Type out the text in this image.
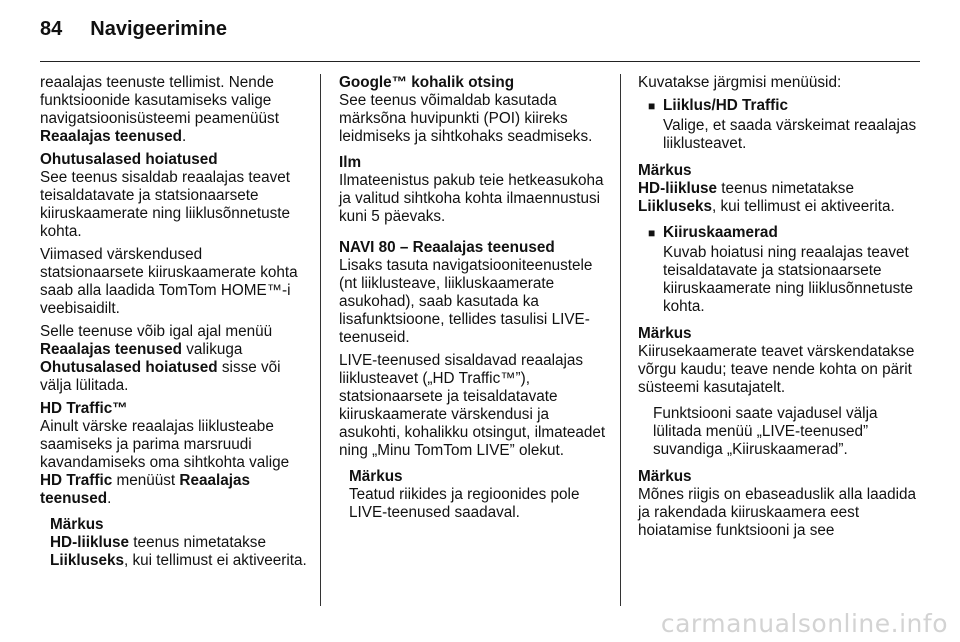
84 Navigeerimine

reaalajas teenuste tellimist. Nende funktsioonide kasutamiseks valige navigatsioonisüsteemi peamenüüst Reaalajas teenused.

Ohutusalased hoiatused

See teenus sisaldab reaalajas teavet teisaldatavate ja statsionaarsete kiiruskaamerate ning liiklusõnnetuste kohta.

Viimased värskendused statsionaarsete kiiruskaamerate kohta saab alla laadida TomTom HOME™-i veebisaidilt.

Selle teenuse võib igal ajal menüü Reaalajas teenused valikuga Ohutusalased hoiatused sisse või välja lülitada.

HD Traffic™

Ainult värske reaalajas liiklusteabe saamiseks ja parima marsruudi kavandamiseks oma sihtkohta valige HD Traffic menüüst Reaalajas teenused.

Märkus

HD-liikluse teenus nimetatakse Liikluseks, kui tellimust ei aktiveerita.

Google™ kohalik otsing

See teenus võimaldab kasutada märksõna huvipunkti (POI) kiireks leidmiseks ja sihtkohaks seadmiseks.

Ilm

Ilmateenistus pakub teie hetkeasukoha ja valitud sihtkoha kohta ilmaennustusi kuni 5 päevaks.

NAVI 80 – Reaalajas teenused

Lisaks tasuta navigatsiooniteenustele (nt liiklusteave, liikluskaamerate asukohad), saab kasutada ka lisafunktsioone, tellides tasulisi LIVE-teenuseid.

LIVE-teenused sisaldavad reaalajas liiklusteavet („HD Traffic™”), statsionaarsete ja teisaldatavate kiiruskaamerate värskendusi ja asukohti, kohalikku otsingut, ilmateadet ning „Minu TomTom LIVE” olekut.

Märkus

Teatud riikides ja regioonides pole LIVE-teenused saadaval.

Kuvatakse järgmisi menüüsid:

■ Liiklus/HD Traffic

Valige, et saada värskeimat reaalajas liiklusteavet.

Märkus

HD-liikluse teenus nimetatakse Liikluseks, kui tellimust ei aktiveerita.

■ Kiiruskaamerad

Kuvab hoiatusi ning reaalajas teavet teisaldatavate ja statsionaarsete kiiruskaamerate ning liiklusõnnetuste kohta.

Märkus

Kiirusekaamerate teavet värskendatakse võrgu kaudu; teave nende kohta on pärit süsteemi kasutajatelt.

Funktsiooni saate vajadusel välja lülitada menüü „LIVE-teenused” suvandiga „Kiiruskaamerad”.

Märkus

Mõnes riigis on ebaseaduslik alla laadida ja rakendada kiiruskaamera eest hoiatamise funktsiooni ja see

carmanualsonline.info
